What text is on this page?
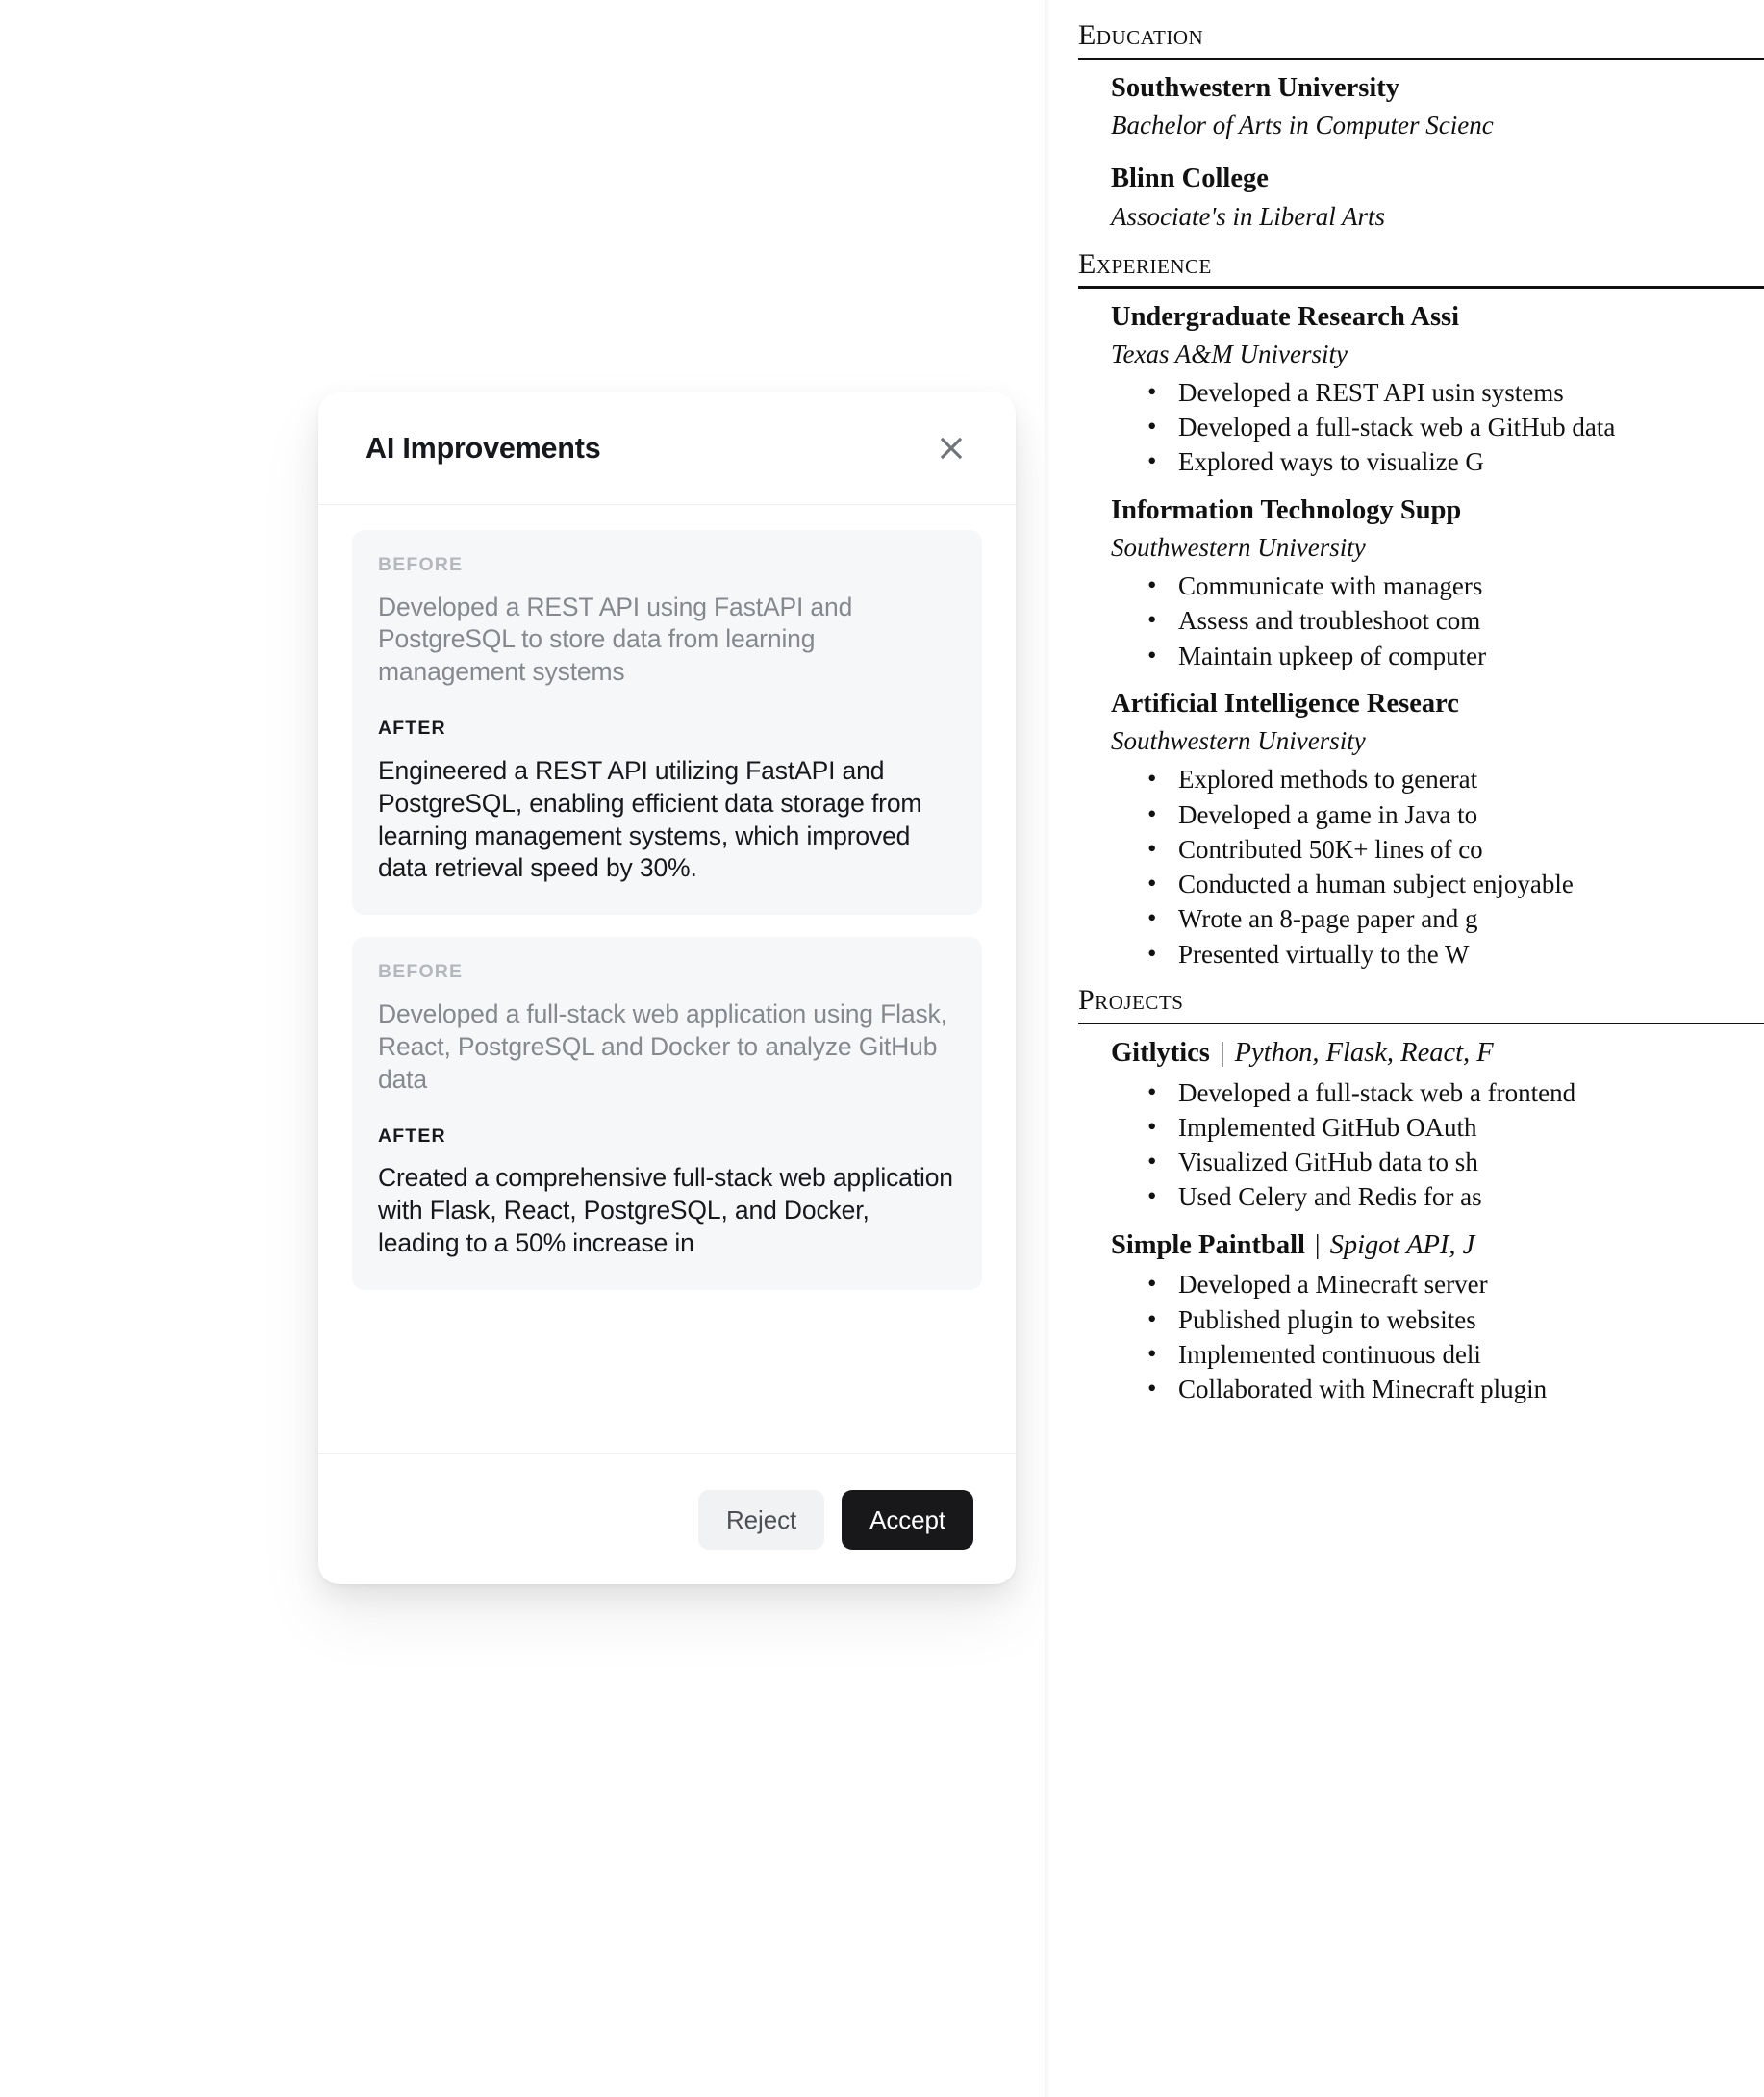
AI Improvements
BEFORE

Developed a REST API using FastAPI and PostgreSQL to store data from learning management systems

AFTER

Engineered a REST API utilizing FastAPI and PostgreSQL, enabling efficient data storage from learning management systems, which improved data retrieval speed by 30%.

BEFORE

Developed a full-stack web application using Flask, React, PostgreSQL and Docker to analyze GitHub data

AFTER

Created a comprehensive full-stack web application with Flask, React, PostgreSQL, and Docker, leading to a 50% increase in

Reject	Accept
Education
Southwestern University
Bachelor of Arts in Computer Scienc
Blinn College
Associate's in Liberal Arts
Experience
Undergraduate Research Assi
Texas A&M University
• Developed a REST API usin systems
• Developed a full-stack web a GitHub data
• Explored ways to visualize G
Information Technology Supp
Southwestern University
• Communicate with managers
• Assess and troubleshoot com
• Maintain upkeep of computer
Artificial Intelligence Researc
Southwestern University
• Explored methods to generat
• Developed a game in Java to
• Contributed 50K+ lines of co
• Conducted a human subject enjoyable
• Wrote an 8-page paper and g
• Presented virtually to the W
Projects
Gitlytics | Python, Flask, React, F
• Developed a full-stack web a frontend
• Implemented GitHub OAuth
• Visualized GitHub data to sh
• Used Celery and Redis for as
Simple Paintball | Spigot API, J
• Developed a Minecraft server
• Published plugin to websites
• Implemented continuous deli
• Collaborated with Minecraft plugin
